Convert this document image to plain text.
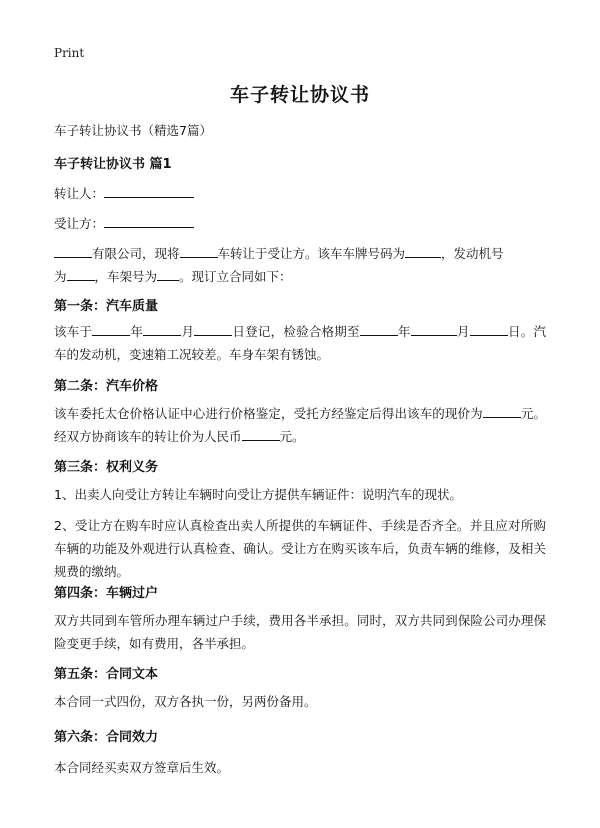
Print
车子转让协议书
车子转让协议书（精选7篇）
车子转让协议书 篇1
转让人：
受让方：
有限公司，现将	车转让于受让方。该车车牌号码为	，发动机号
为 ，车架号为 。现订立合同如下：
第一条：汽车质量
该车于	年	月	日登记，检验合格期至	年	月	日。汽车的发动机，变速箱工况较差。车身车架有锈蚀。
第二条：汽车价格
该车委托太仓价格认证中心进行价格鉴定，受托方经鉴定后得出该车的现价为	元。经双方协商该车的转让价为人民币	元。
第三条：权利义务
1、出卖人向受让方转让车辆时向受让方提供车辆证件：说明汽车的现状。
2、受让方在购车时应认真检查出卖人所提供的车辆证件、手续是否齐全。并且应对所购车辆的功能及外观进行认真检查、确认。受让方在购买该车后，负责车辆的维修，及相关规费的缴纳。
第四条：车辆过户
双方共同到车管所办理车辆过户手续，费用各半承担。同时，双方共同到保险公司办理保险变更手续，如有费用，各半承担。
第五条：合同文本
本合同一式四份，双方各执一份，另两份备用。
第六条：合同效力
本合同经买卖双方签章后生效。
